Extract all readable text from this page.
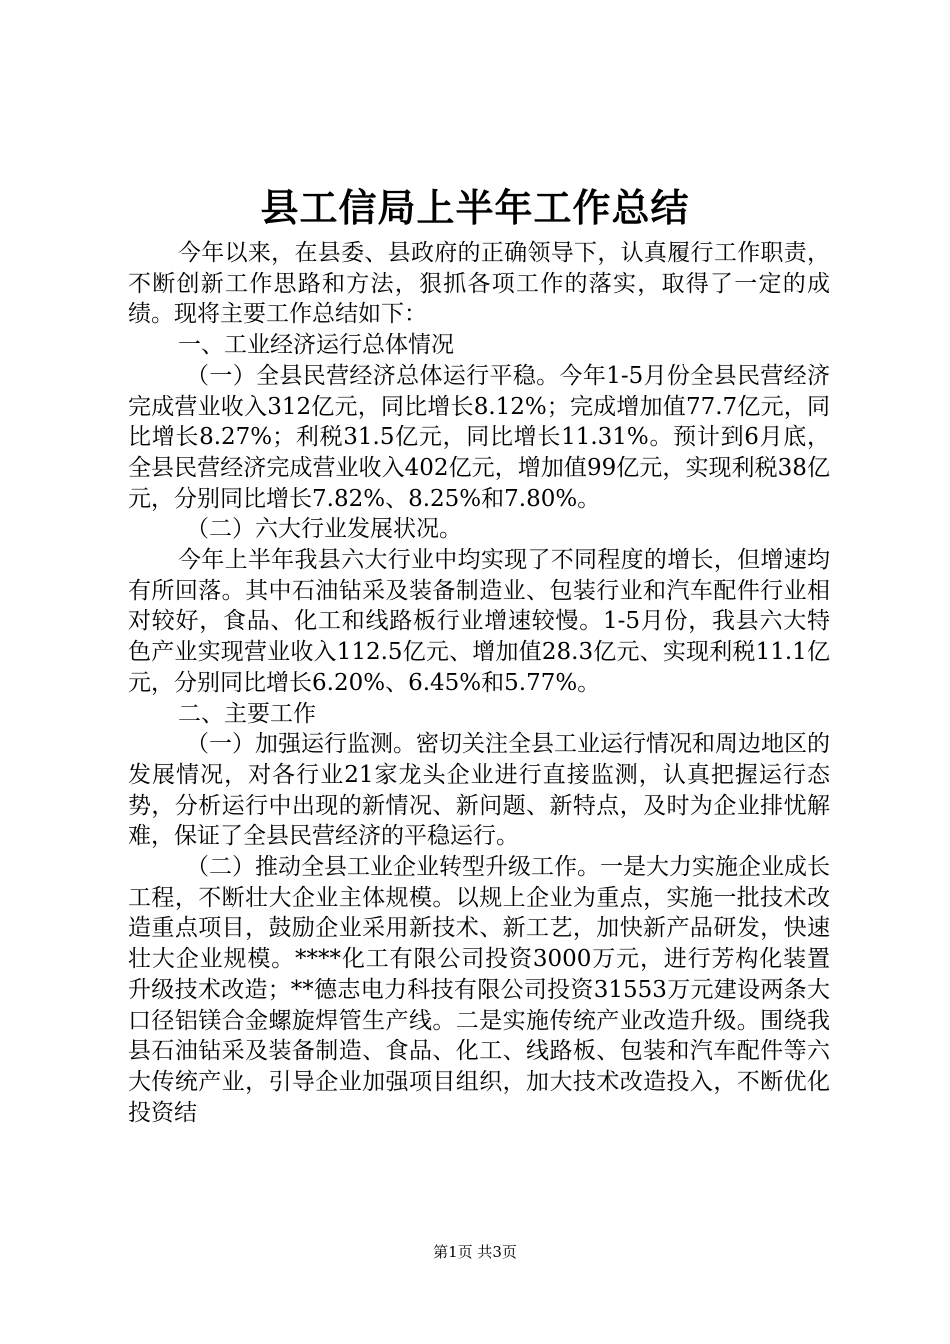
县工信局上半年工作总结

今年以来，在县委、县政府的正确领导下，认真履行工作职责，不断创新工作思路和方法，狠抓各项工作的落实，取得了一定的成绩。现将主要工作总结如下：

一、工业经济运行总体情况

（一）全县民营经济总体运行平稳。今年1-5月份全县民营经济完成营业收入312亿元，同比增长8.12%；完成增加值77.7亿元，同比增长8.27%；利税31.5亿元，同比增长11.31%。预计到6月底，全县民营经济完成营业收入402亿元，增加值99亿元，实现利税38亿元，分别同比增长7.82%、8.25%和7.80%。

（二）六大行业发展状况。

今年上半年我县六大行业中均实现了不同程度的增长，但增速均有所回落。其中石油钻采及装备制造业、包装行业和汽车配件行业相对较好，食品、化工和线路板行业增速较慢。1-5月份，我县六大特色产业实现营业收入112.5亿元、增加值28.3亿元、实现利税11.1亿元，分别同比增长6.20%、6.45%和5.77%。

二、主要工作

（一）加强运行监测。密切关注全县工业运行情况和周边地区的发展情况，对各行业21家龙头企业进行直接监测，认真把握运行态势，分析运行中出现的新情况、新问题、新特点，及时为企业排忧解难，保证了全县民营经济的平稳运行。

（二）推动全县工业企业转型升级工作。一是大力实施企业成长工程，不断壮大企业主体规模。以规上企业为重点，实施一批技术改造重点项目，鼓励企业采用新技术、新工艺，加快新产品研发，快速壮大企业规模。****化工有限公司投资3000万元，进行芳构化装置升级技术改造；**德志电力科技有限公司投资31553万元建设两条大口径铝镁合金螺旋焊管生产线。二是实施传统产业改造升级。围绕我县石油钻采及装备制造、食品、化工、线路板、包装和汽车配件等六大传统产业，引导企业加强项目组织，加大技术改造投入，不断优化投资结

第1页 共3页
